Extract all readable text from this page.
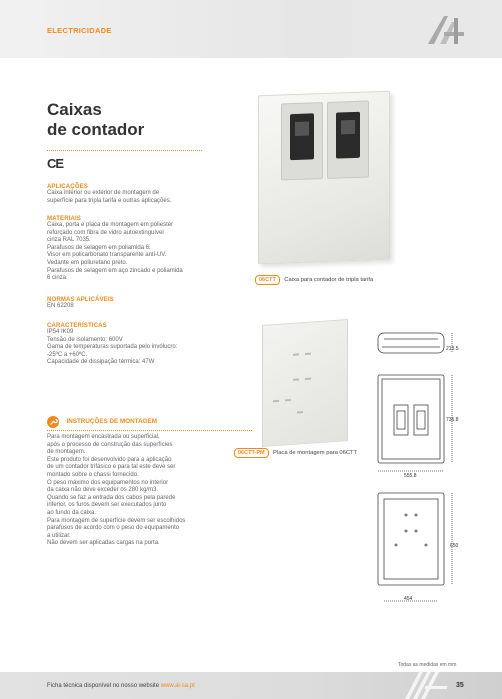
ELECTRICIDADE
Caixas
de contador
CE
APLICAÇÕES
Caixa interior ou exterior de montagem de
superfície para tripla tarifa e outras aplicações.
MATERIAIS
Caixa, porta e placa de montagem em poliester
reforçado com fibra de vidro autoextinguível
cinza RAL 7035.
Parafusos de selagem em poliamida 6.
Visor em policarbonato transparente anti-UV.
Vedante em poliuretano preto.
Parafusos de selagem em aço zincado e poliamida
6 cinza.
NORMAS APLICÁVEIS
EN 62208
CARACTERÍSTICAS
IP54 IK09
Tensão de isolamento: 600V
Gama de temperaturas suportada pelo invólucro:
-25ºC a +60ºC.
Capacidade de dissipação térmica: 47W
06CTT Caixa para contador de tripla tarifa
06CTT-PM Placa de montagem para 06CTT
213.5
735.8
555.8
650
454
INSTRUÇÕES DE MONTAGEM
Para montagem encastrada ou superficial,
após o processo de construção das superfícies
de montagem.
Este produto foi desenvolvido para a aplicação
de um contador trifásico e para tal este deve ser
montado sobre o chassi fornecido.
O peso máximo dos equipamentos no interior
da caixa não deve exceder os 280 kg/m3.
Quando se faz a entrada dos cabos pela parede
inferior, os furos devem ser executados junto
ao fundo da caixa.
Para montagem de superfície devem ser escolhidos
parafusos de acordo com o peso do equipamento
a utilizar.
Não devem ser aplicadas cargas na porta.
Todas as medidas em mm
Ficha técnica disponível no nosso website www.al-sa.pt	35
